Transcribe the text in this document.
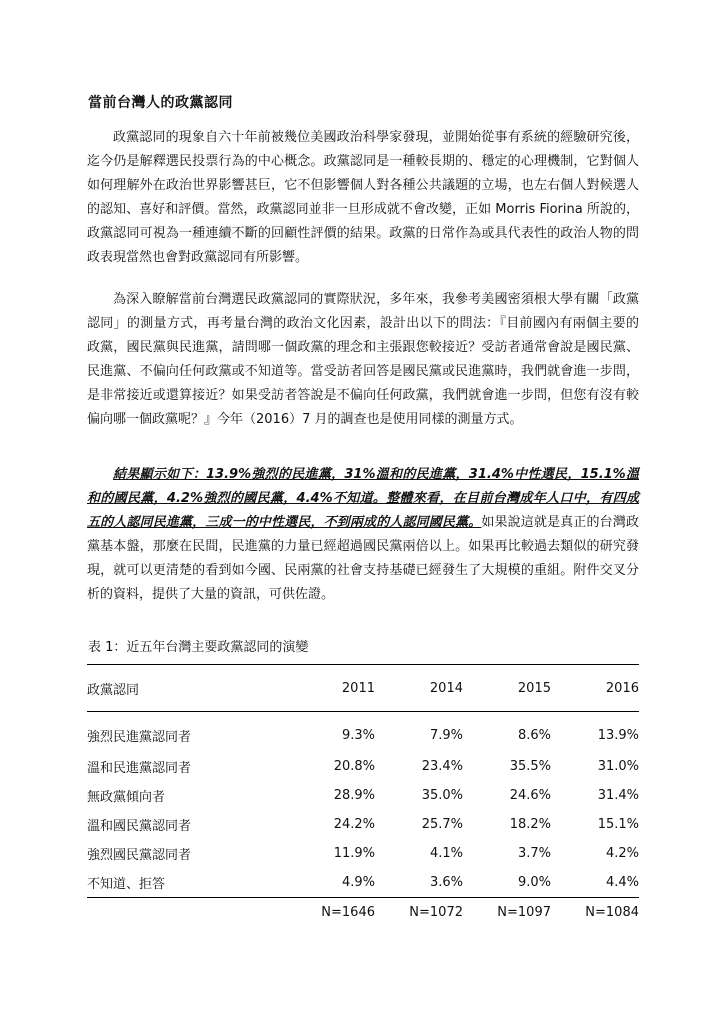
當前台灣人的政黨認同

政黨認同的現象自六十年前被幾位美國政治科學家發現，並開始從事有系統的經驗研究後，迄今仍是解釋選民投票行為的中心概念。政黨認同是一種較長期的、穩定的心理機制，它對個人如何理解外在政治世界影響甚巨，它不但影響個人對各種公共議題的立場，也左右個人對候選人的認知、喜好和評價。當然，政黨認同並非一旦形成就不會改變，正如 Morris Fiorina 所說的，政黨認同可視為一種連續不斷的回顧性評價的結果。政黨的日常作為或具代表性的政治人物的問政表現當然也會對政黨認同有所影響。

為深入瞭解當前台灣選民政黨認同的實際狀況，多年來，我參考美國密須根大學有關「政黨認同」的測量方式，再考量台灣的政治文化因素，設計出以下的問法：『目前國內有兩個主要的政黨，國民黨與民進黨，請問哪一個政黨的理念和主張跟您較接近？受訪者通常會說是國民黨、民進黨、不偏向任何政黨或不知道等。當受訪者回答是國民黨或民進黨時，我們就會進一步問，是非常接近或還算接近？如果受訪者答說是不偏向任何政黨，我們就會進一步問，但您有沒有較偏向哪一個政黨呢？』今年（2016）7 月的調查也是使用同樣的測量方式。

結果顯示如下：13.9%強烈的民進黨，31%溫和的民進黨，31.4%中性選民，15.1%溫和的國民黨，4.2%強烈的國民黨，4.4%不知道。整體來看，在目前台灣成年人口中，有四成五的人認同民進黨，三成一的中性選民，不到兩成的人認同國民黨。如果說這就是真正的台灣政黨基本盤，那麼在民間，民進黨的力量已經超過國民黨兩倍以上。如果再比較過去類似的研究發現，就可以更清楚的看到如今國、民兩黨的社會支持基礎已經發生了大規模的重組。附件交叉分析的資料，提供了大量的資訊，可供佐證。

表 1：近五年台灣主要政黨認同的演變
政黨認同	2011	2014	2015	2016
強烈民進黨認同者	9.3%	7.9%	8.6%	13.9%
溫和民進黨認同者	20.8%	23.4%	35.5%	31.0%
無政黨傾向者	28.9%	35.0%	24.6%	31.4%
溫和國民黨認同者	24.2%	25.7%	18.2%	15.1%
強烈國民黨認同者	11.9%	4.1%	3.7%	4.2%
不知道、拒答	4.9%	3.6%	9.0%	4.4%
	N=1646	N=1072	N=1097	N=1084
